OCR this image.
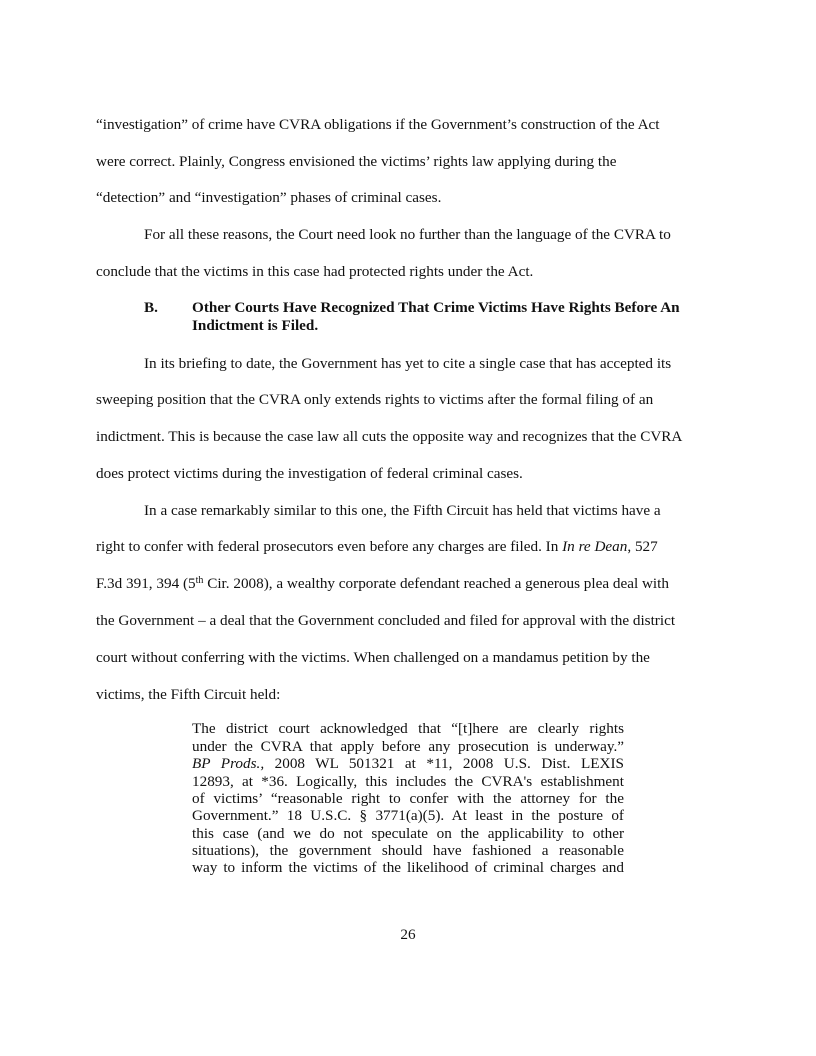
“investigation” of crime have CVRA obligations if the Government’s construction of the Act
were correct. Plainly, Congress envisioned the victims’ rights law applying during the
“detection” and “investigation” phases of criminal cases.
For all these reasons, the Court need look no further than the language of the CVRA to
conclude that the victims in this case had protected rights under the Act.
B. Other Courts Have Recognized That Crime Victims Have Rights Before An
Indictment is Filed.
In its briefing to date, the Government has yet to cite a single case that has accepted its
sweeping position that the CVRA only extends rights to victims after the formal filing of an
indictment. This is because the case law all cuts the opposite way and recognizes that the CVRA
does protect victims during the investigation of federal criminal cases.
In a case remarkably similar to this one, the Fifth Circuit has held that victims have a
right to confer with federal prosecutors even before any charges are filed. In In re Dean, 527
F.3d 391, 394 (5th Cir. 2008), a wealthy corporate defendant reached a generous plea deal with
the Government – a deal that the Government concluded and filed for approval with the district
court without conferring with the victims. When challenged on a mandamus petition by the
victims, the Fifth Circuit held:
The district court acknowledged that “[t]here are clearly rights
under the CVRA that apply before any prosecution is underway.”
BP Prods., 2008 WL 501321 at *11, 2008 U.S. Dist. LEXIS
12893, at *36. Logically, this includes the CVRA's establishment
of victims’ “reasonable right to confer with the attorney for the
Government.” 18 U.S.C. § 3771(a)(5). At least in the posture of
this case (and we do not speculate on the applicability to other
situations), the government should have fashioned a reasonable
way to inform the victims of the likelihood of criminal charges and
26
